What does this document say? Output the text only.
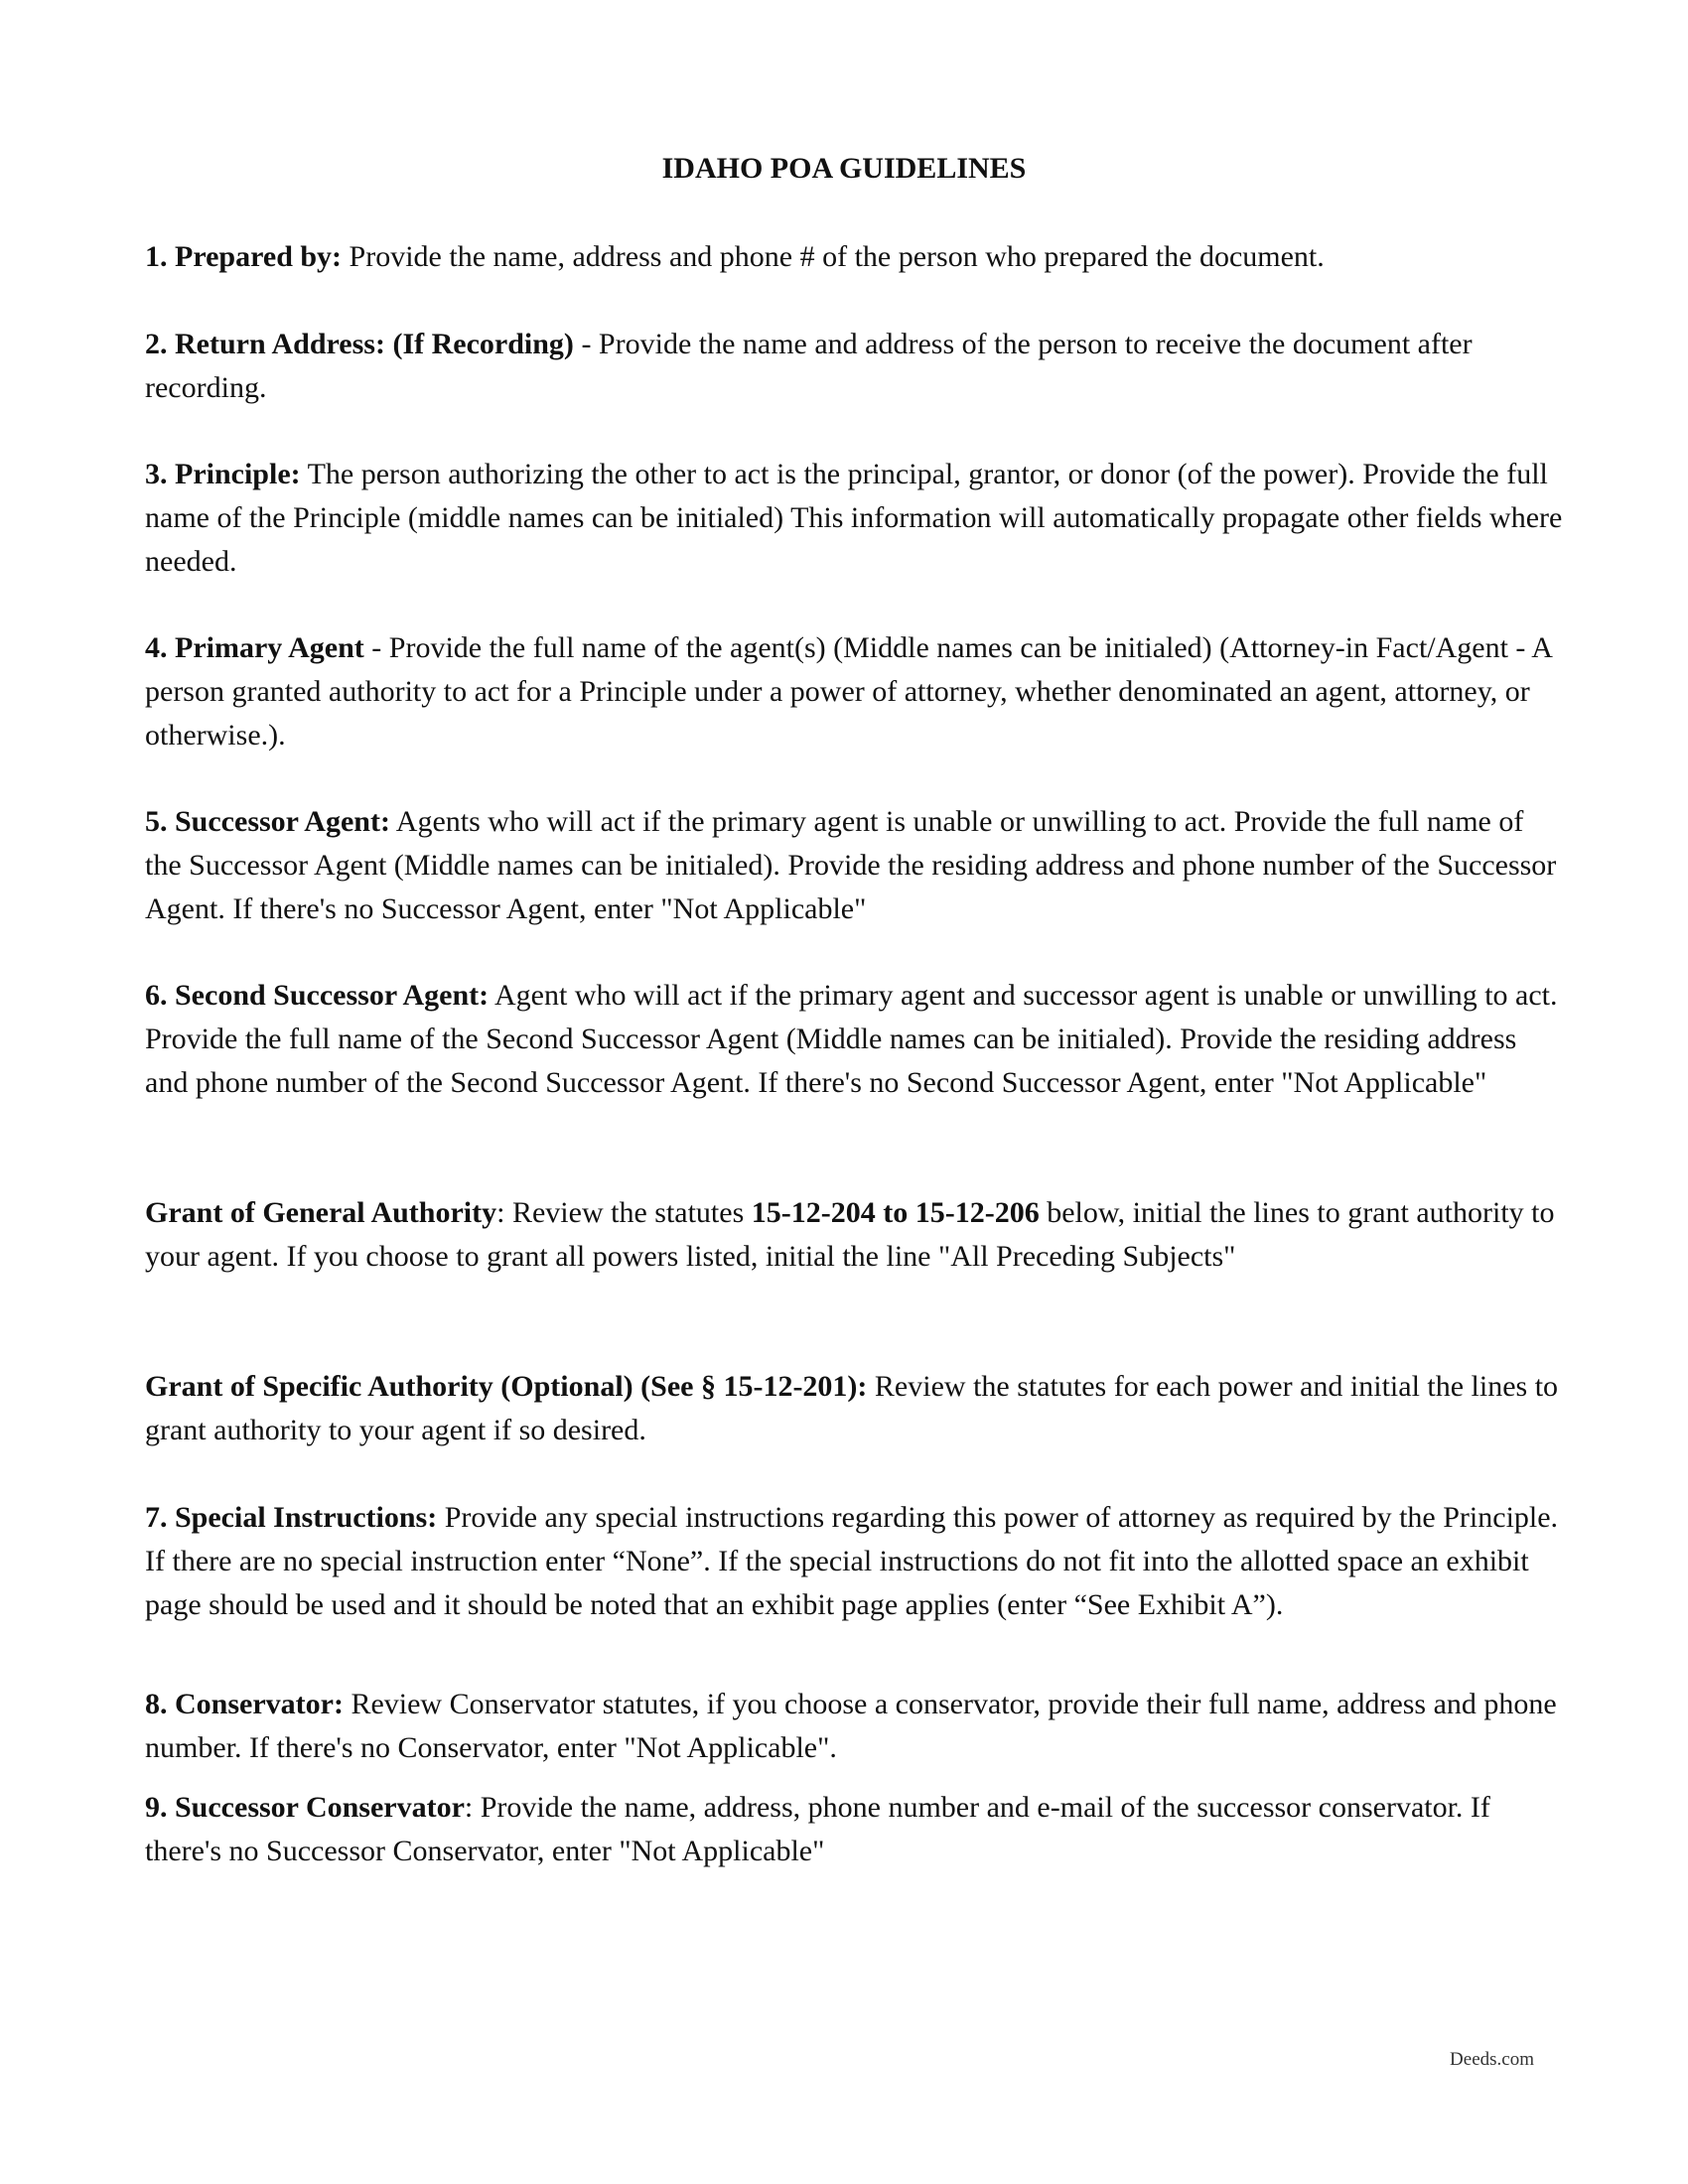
IDAHO POA GUIDELINES

1. Prepared by: Provide the name, address and phone # of the person who prepared the document.

2. Return Address: (If Recording) - Provide the name and address of the person to receive the document after recording.

3. Principle: The person authorizing the other to act is the principal, grantor, or donor (of the power). Provide the full name of the Principle (middle names can be initialed) This information will automatically propagate other fields where needed.

4. Primary Agent - Provide the full name of the agent(s) (Middle names can be initialed) (Attorney-in Fact/Agent - A person granted authority to act for a Principle under a power of attorney, whether denominated an agent, attorney, or otherwise.).

5. Successor Agent: Agents who will act if the primary agent is unable or unwilling to act. Provide the full name of the Successor Agent (Middle names can be initialed). Provide the residing address and phone number of the Successor Agent. If there's no Successor Agent, enter "Not Applicable"

6. Second Successor Agent: Agent who will act if the primary agent and successor agent is unable or unwilling to act. Provide the full name of the Second Successor Agent (Middle names can be initialed). Provide the residing address and phone number of the Second Successor Agent. If there's no Second Successor Agent, enter "Not Applicable"

Grant of General Authority: Review the statutes 15-12-204 to 15-12-206 below, initial the lines to grant authority to your agent. If you choose to grant all powers listed, initial the line "All Preceding Subjects"

Grant of Specific Authority (Optional) (See § 15-12-201): Review the statutes for each power and initial the lines to grant authority to your agent if so desired.

7. Special Instructions: Provide any special instructions regarding this power of attorney as required by the Principle. If there are no special instruction enter “None”. If the special instructions do not fit into the allotted space an exhibit page should be used and it should be noted that an exhibit page applies (enter “See Exhibit A”).

8. Conservator: Review Conservator statutes, if you choose a conservator, provide their full name, address and phone number. If there's no Conservator, enter "Not Applicable".

9. Successor Conservator: Provide the name, address, phone number and e-mail of the successor conservator. If there's no Successor Conservator, enter "Not Applicable"

Deeds.com
